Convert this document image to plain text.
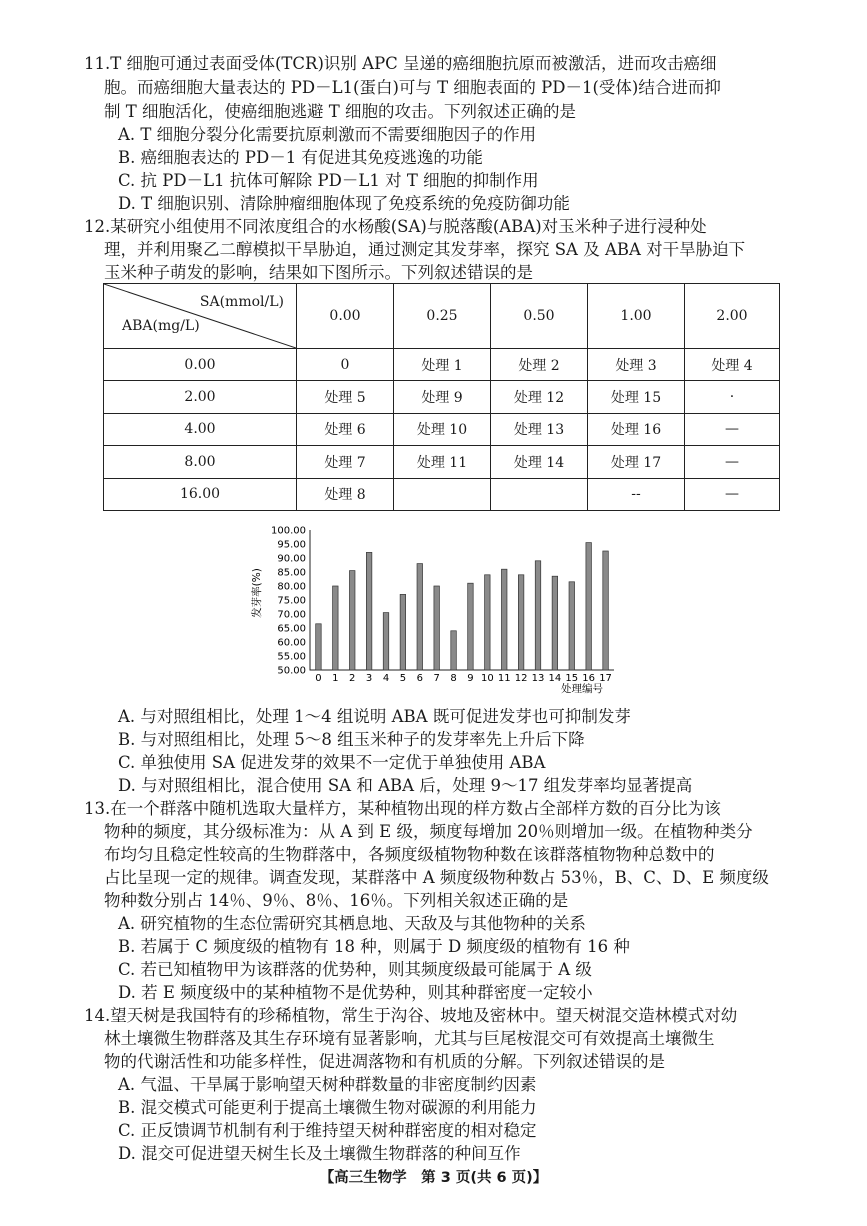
11.T 细胞可通过表面受体(TCR)识别 APC 呈递的癌细胞抗原而被激活，进而攻击癌细
胞。而癌细胞大量表达的 PD－L1(蛋白)可与 T 细胞表面的 PD－1(受体)结合进而抑
制 T 细胞活化，使癌细胞逃避 T 细胞的攻击。下列叙述正确的是
A. T 细胞分裂分化需要抗原刺激而不需要细胞因子的作用
B. 癌细胞表达的 PD－1 有促进其免疫逃逸的功能
C. 抗 PD－L1 抗体可解除 PD－L1 对 T 细胞的抑制作用
D. T 细胞识别、清除肿瘤细胞体现了免疫系统的免疫防御功能
12.某研究小组使用不同浓度组合的水杨酸(SA)与脱落酸(ABA)对玉米种子进行浸种处
理，并利用聚乙二醇模拟干旱胁迫，通过测定其发芽率，探究 SA 及 ABA 对干旱胁迫下
玉米种子萌发的影响，结果如下图所示。下列叙述错误的是
SA(mmol/L)
ABA(mg/L)	0.00	0.25	0.50	1.00	2.00
0.00	0	处理 1	处理 2	处理 3	处理 4
2.00	处理 5	处理 9	处理 12	处理 15	·
4.00	处理 6	处理 10	处理 13	处理 16	—
8.00	处理 7	处理 11	处理 14	处理 17	—
16.00	处理 8			--	—
发芽率(%)
处理编号
50.00
55.00
60.00
65.00
70.00
75.00
80.00
85.00
90.00
95.00
100.00
0 1 2 3 4 5 6 7 8 9 10 11 12 13 14 15 16 17
A. 与对照组相比，处理 1～4 组说明 ABA 既可促进发芽也可抑制发芽
B. 与对照组相比，处理 5～8 组玉米种子的发芽率先上升后下降
C. 单独使用 SA 促进发芽的效果不一定优于单独使用 ABA
D. 与对照组相比，混合使用 SA 和 ABA 后，处理 9～17 组发芽率均显著提高
13.在一个群落中随机选取大量样方，某种植物出现的样方数占全部样方数的百分比为该
物种的频度，其分级标准为：从 A 到 E 级，频度每增加 20％则增加一级。在植物种类分
布均匀且稳定性较高的生物群落中，各频度级植物物种数在该群落植物物种总数中的
占比呈现一定的规律。调查发现，某群落中 A 频度级物种数占 53％，B、C、D、E 频度级
物种数分别占 14％、9％、8％、16％。下列相关叙述正确的是
A. 研究植物的生态位需研究其栖息地、天敌及与其他物种的关系
B. 若属于 C 频度级的植物有 18 种，则属于 D 频度级的植物有 16 种
C. 若已知植物甲为该群落的优势种，则其频度级最可能属于 A 级
D. 若 E 频度级中的某种植物不是优势种，则其种群密度一定较小
14.望天树是我国特有的珍稀植物，常生于沟谷、坡地及密林中。望天树混交造林模式对幼
林土壤微生物群落及其生存环境有显著影响，尤其与巨尾桉混交可有效提高土壤微生
物的代谢活性和功能多样性，促进凋落物和有机质的分解。下列叙述错误的是
A. 气温、干旱属于影响望天树种群数量的非密度制约因素
B. 混交模式可能更利于提高土壤微生物对碳源的利用能力
C. 正反馈调节机制有利于维持望天树种群密度的相对稳定
D. 混交可促进望天树生长及土壤微生物群落的种间互作
【高三生物学　第 3 页(共 6 页)】
